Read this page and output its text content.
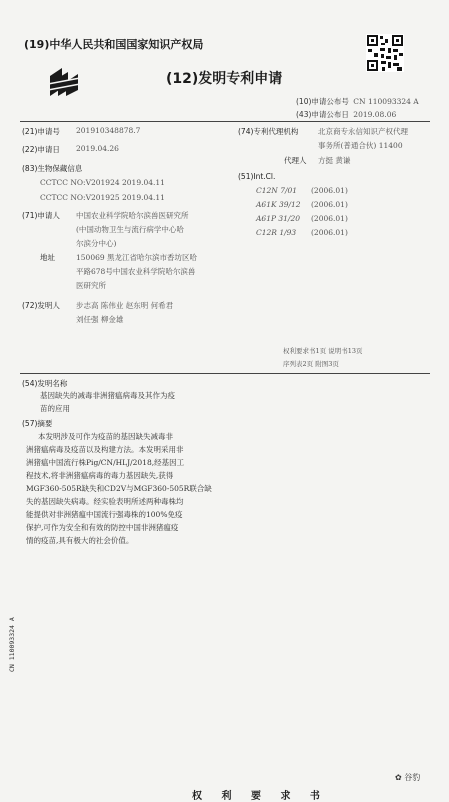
(19)中华人民共和国国家知识产权局
(12)发明专利申请
(10)申请公布号 CN 110093324 A
(43)申请公布日 2019.08.06
(21)申请号 201910348878.7
(22)申请日 2019.04.26
(83)生物保藏信息
CCTCC NO:V201924 2019.04.11
CCTCC NO:V201925 2019.04.11
(71)申请人 中国农业科学院哈尔滨兽医研究所
(中国动物卫生与流行病学中心哈
尔滨分中心)
地址	150069 黑龙江省哈尔滨市香坊区哈
平路678号中国农业科学院哈尔滨兽
医研究所
(72)发明人 步志高 陈伟业 赵东明 何希君
刘任强 柳金雄
(74)专利代理机构	北京商专永信知识产权代理
事务所(普通合伙) 11400
代理人 方挺 黄谦
(51)Int.Cl.
C12N 7/01 (2006.01)
A61K 39/12 (2006.01)
A61P 31/20 (2006.01)
C12R 1/93 (2006.01)
权利要求书1页 说明书13页
序列表2页 附图3页
(54)发明名称
基因缺失的减毒非洲猪瘟病毒及其作为疫
苗的应用
(57)摘要
本发明涉及可作为疫苗的基因缺失减毒非
洲猪瘟病毒及疫苗以及构建方法。本发明采用非
洲猪瘟中国流行株Pig/CN/HLJ/2018,经基因工
程技术,将非洲猪瘟病毒的毒力基因缺失,获得
MGF360-505R缺失和CD2V与MGF360-505R联合缺
失的基因缺失病毒。经实验表明所述两种毒株均
能提供对非洲猪瘟中国流行强毒株的100%免疫
保护,可作为安全和有效的防控中国非洲猪瘟疫
情的疫苗,具有极大的社会价值。
CN 110093324 A
✿ 谷豹
权 利 要 求 书
